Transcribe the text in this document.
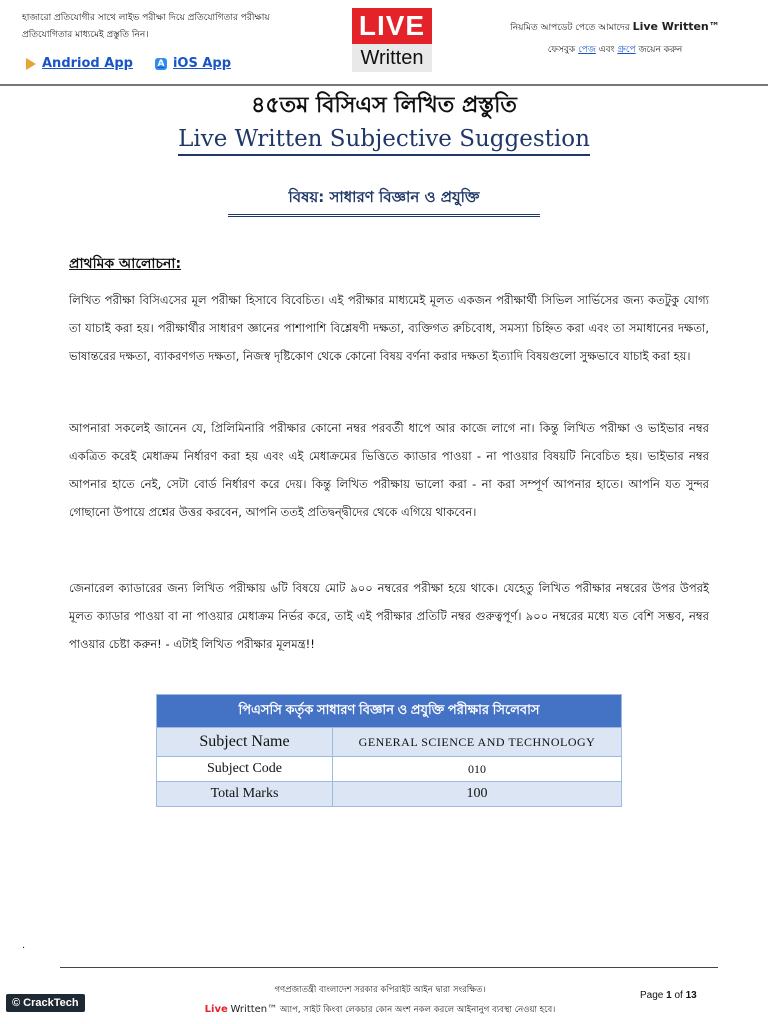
হাজারো প্রতিযোগীর সাথে লাইভ পরীক্ষা দিয়ে প্রতিযোগিতার পরীক্ষায়
প্রতিযোগিতার মাধ্যমেই প্রস্তুতি নিন।
Andriod App	A iOS App
LIVE
Written
নিয়মিত আপডেট পেতে আমাদের Live Written™
ফেসবুক পেজ এবং গ্রুপে জয়েন করুন
৪৫তম বিসিএস লিখিত প্রস্তুতি
Live Written Subjective Suggestion
বিষয়: সাধারণ বিজ্ঞান ও প্রযুক্তি
প্রাথমিক আলোচনা:
লিখিত পরীক্ষা বিসিএসের মূল পরীক্ষা হিসাবে বিবেচিত। এই পরীক্ষার মাধ্যমেই মূলত একজন পরীক্ষার্থী সিভিল সার্ভিসের জন্য কতটুকু যোগ্য তা যাচাই করা হয়। পরীক্ষার্থীর সাধারণ জ্ঞানের পাশাপাশি বিশ্লেষণী দক্ষতা, ব্যক্তিগত রুচিবোধ, সমস্যা চিহ্নিত করা এবং তা সমাধানের দক্ষতা, ভাষান্তরের দক্ষতা, ব্যাকরণগত দক্ষতা, নিজস্ব দৃষ্টিকোণ থেকে কোনো বিষয় বর্ণনা করার দক্ষতা ইত্যাদি বিষয়গুলো সুক্ষভাবে যাচাই করা হয়।
আপনারা সকলেই জানেন যে, প্রিলিমিনারি পরীক্ষার কোনো নম্বর পরবর্তী ধাপে আর কাজে লাগে না। কিন্তু লিখিত পরীক্ষা ও ভাইভার নম্বর একত্রিত করেই মেধাক্রম নির্ধারণ করা হয় এবং এই মেধাক্রমের ভিত্তিতে ক্যাডার পাওয়া - না পাওয়ার বিষয়টি নিবেচিত হয়। ভাইভার নম্বর আপনার হাতে নেই, সেটা বোর্ড নির্ধারণ করে দেয়। কিন্তু লিখিত পরীক্ষায় ভালো করা - না করা সম্পূর্ণ আপনার হাতে। আপনি যত সুন্দর গোছানো উপায়ে প্রশ্নের উত্তর করবেন, আপনি ততই প্রতিদ্বন্দ্বীদের থেকে এগিয়ে থাকবেন।
জেনারেল ক্যাডারের জন্য লিখিত পরীক্ষায় ৬টি বিষয়ে মোট ৯০০ নম্বরের পরীক্ষা হয়ে থাকে। যেহেতু লিখিত পরীক্ষার নম্বরের উপর উপরই মূলত ক্যাডার পাওয়া বা না পাওয়ার মেধাক্রম নির্ভর করে, তাই এই পরীক্ষার প্রতিটি নম্বর গুরুত্বপূর্ণ। ৯০০ নম্বরের মধ্যে যত বেশি সম্ভব, নম্বর পাওয়ার চেষ্টা করুন! - এটাই লিখিত পরীক্ষার মূলমন্ত্র!!
পিএসসি কর্তৃক সাধারণ বিজ্ঞান ও প্রযুক্তি পরীক্ষার সিলেবাস	
Subject Name	GENERAL SCIENCE AND TECHNOLOGY
Subject Code	010
Total Marks	100
.
গণপ্রজাতন্ত্রী বাংলাদেশ সরকার কপিরাইট আইন দ্বারা সংরক্ষিত।
Live Written™ অ্যাপ, সাইট কিংবা লেকচার কোন অংশ নকল করলে আইনানুগ ব্যবস্থা নেওয়া হবে।
Page 1 of 13
© CrackTech
